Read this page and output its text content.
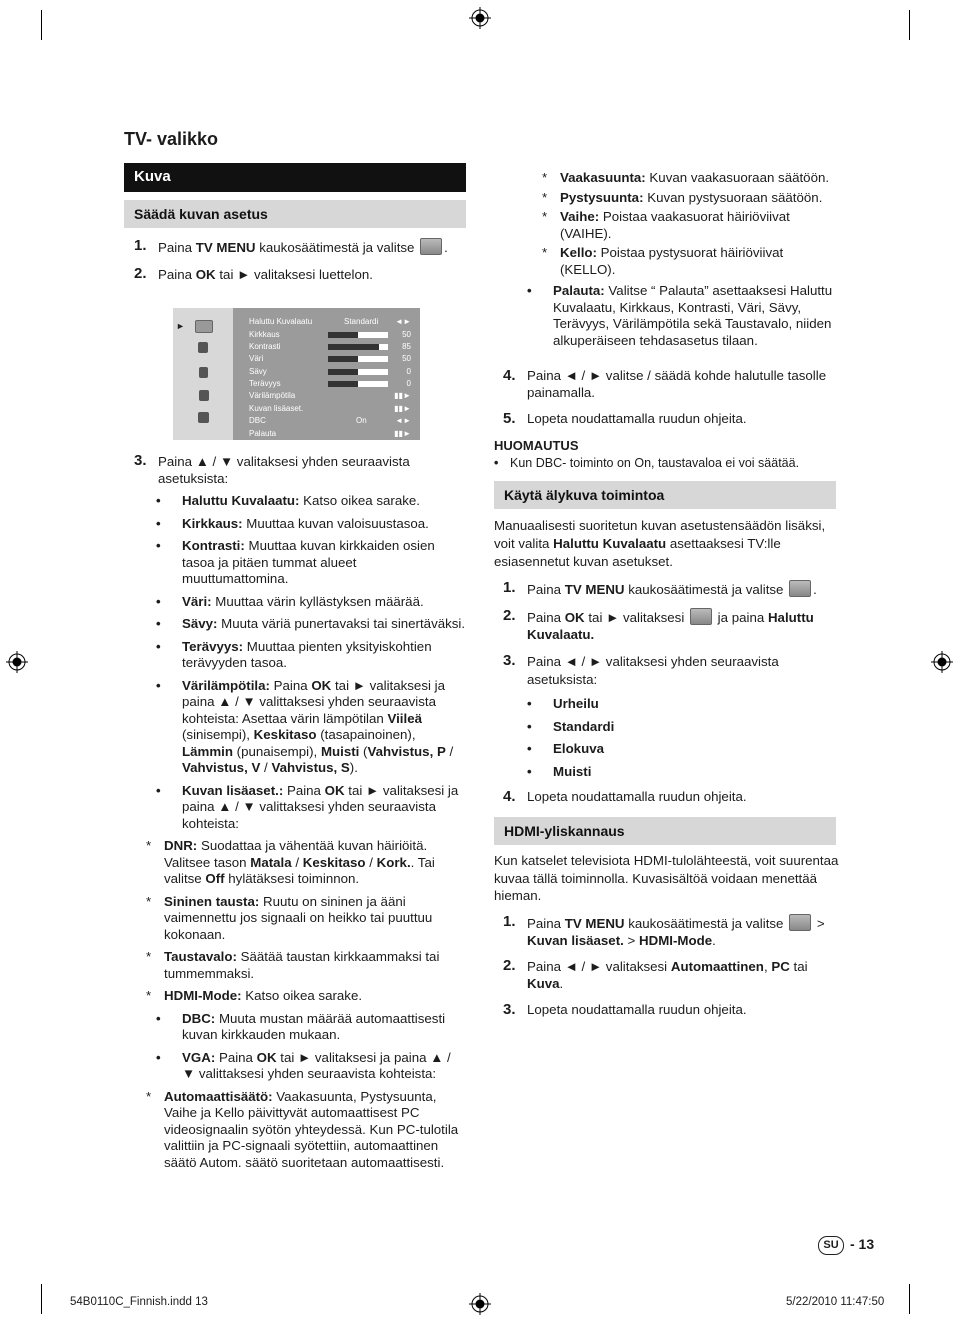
TV- valikko
Kuva
Säädä kuvan asetus
1. Paina TV MENU kaukosäätimestä ja valitse .
2. Paina OK tai ► valitaksesi luettelon.
►	Haluttu Kuvalaatu	Standardi ◄►
Kirkkaus	50
Kontrasti	85
Väri	50
Sävy	0
Terävyys	0
Värilämpötila	▮▮►
Kuvan lisäaset.	▮▮►
DBC	On	◄►
Palauta	▮▮►
3. Paina ▲ / ▼ valitaksesi yhden seuraavista asetuksista:
•	Haluttu Kuvalaatu: Katso oikea sarake.
•	Kirkkaus: Muuttaa kuvan valoisuustasoa.
•	Kontrasti: Muuttaa kuvan kirkkaiden osien tasoa ja pitäen tummat alueet muuttumattomina.
•	Väri: Muuttaa värin kyllästyksen määrää.
•	Sävy: Muuta väriä punertavaksi tai sinertäväksi.
•	Terävyys: Muuttaa pienten yksityiskohtien terävyyden tasoa.
•	Värilämpötila: Paina OK tai ► valitaksesi ja paina ▲ / ▼ valittaksesi yhden seuraavista kohteista: Asettaa värin lämpötilan Viileä (sinisempi), Keskitaso (tasapainoinen), Lämmin (punaisempi), Muisti (Vahvistus, P / Vahvistus, V / Vahvistus, S).
•	Kuvan lisäaset.: Paina OK tai ► valitaksesi ja paina ▲ / ▼ valittaksesi yhden seuraavista kohteista:
* DNR: Suodattaa ja vähentää kuvan häiriöitä. Valitsee tason Matala / Keskitaso / Kork.. Tai valitse Off hylätäksesi toiminnon.
* Sininen tausta: Ruutu on sininen ja ääni vaimennettu jos signaali on heikko tai puuttuu kokonaan.
* Taustavalo: Säätää taustan kirkkaammaksi tai tummemmaksi.
* HDMI-Mode: Katso oikea sarake.
•	DBC: Muuta mustan määrää automaattisesti kuvan kirkkauden mukaan.
•	VGA: Paina OK tai ► valitaksesi ja paina ▲ / ▼ valittaksesi yhden seuraavista kohteista:
* Automaattisäätö: Vaakasuunta, Pystysuunta, Vaihe ja Kello päivittyvät automaattisest PC videosignaalin syötön yhteydessä. Kun PC-tulotila valittiin ja PC-signaali syötettiin, automaattinen säätö Autom. säätö suoritetaan automaattisesti.
* Vaakasuunta: Kuvan vaakasuoraan säätöön.
* Pystysuunta: Kuvan pystysuoraan säätöön.
* Vaihe: Poistaa vaakasuorat häiriöviivat (VAIHE).
* Kello: Poistaa pystysuorat häiriöviivat (KELLO).
•	Palauta: Valitse “ Palauta” asettaaksesi Haluttu Kuvalaatu, Kirkkaus, Kontrasti, Väri, Sävy, Terävyys, Värilämpötila sekä Taustavalo, niiden alkuperäiseen tehdasasetus tilaan.
4. Paina ◄ / ► valitse / säädä kohde halutulle tasolle painamalla.
5. Lopeta noudattamalla ruudun ohjeita.
HUOMAUTUS
• Kun DBC- toiminto on On, taustavaloa ei voi säätää.
Käytä älykuva toimintoa
Manuaalisesti suoritetun kuvan asetustensäädön lisäksi, voit valita Haluttu Kuvalaatu asettaaksesi TV:lle esiasennetut kuvan asetukset.
1. Paina TV MENU kaukosäätimestä ja valitse .
2. Paina OK tai ► valitaksesi  ja paina Haluttu Kuvalaatu.
3. Paina ◄ / ► valitaksesi yhden seuraavista asetuksista:
•	Urheilu
•	Standardi
•	Elokuva
•	Muisti
4. Lopeta noudattamalla ruudun ohjeita.
HDMI-yliskannaus
Kun katselet televisiota HDMI-tulolähteestä, voit suurentaa kuvaa tällä toiminnolla. Kuvasisältöä voidaan menettää hieman.
1. Paina TV MENU kaukosäätimestä ja valitse  > Kuvan lisäaset. > HDMI-Mode.
2. Paina ◄ / ► valitaksesi Automaattinen, PC tai Kuva.
3. Lopeta noudattamalla ruudun ohjeita.
SU - 13
54B0110C_Finnish.indd 13	5/22/2010 11:47:50
